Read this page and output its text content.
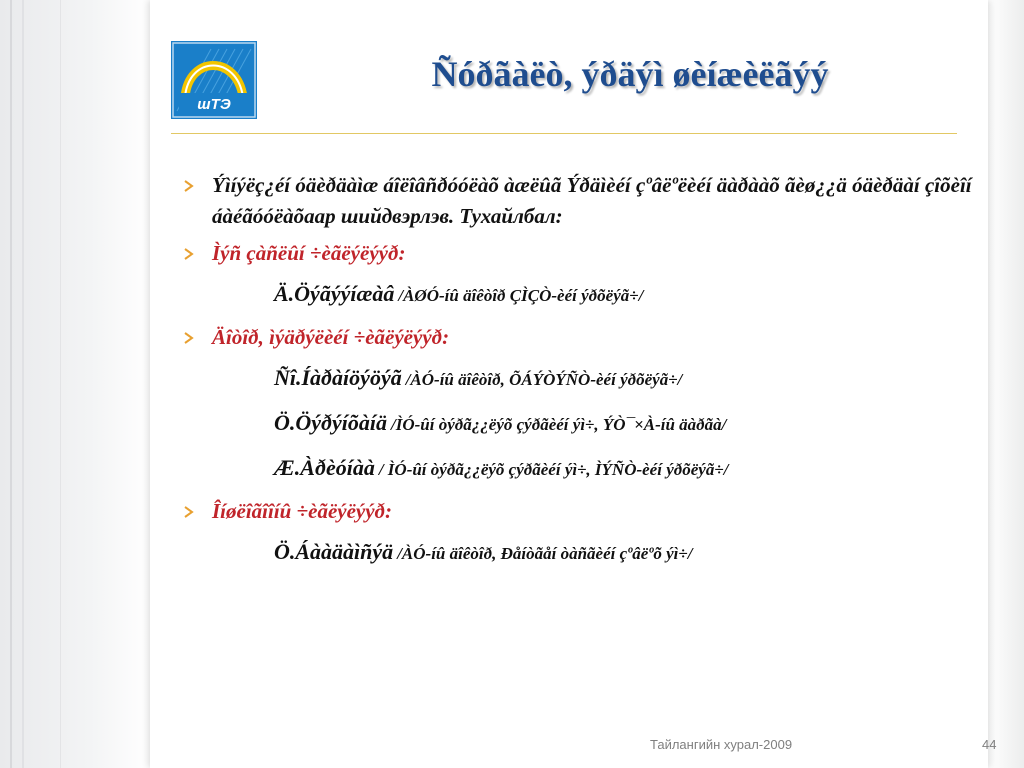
шТЭ
Ñóðãàëò, ýðäýì øèíæèëãýý
Ýìíýëç¿éí óäèðäàìæ áîëîâñðóóëàõ àæëûã Ýðäìèéí çºâëºëèéí äàðààõ ãèø¿¿ä óäèðäàí çîõèîí áàéãóóëàõаар шийдвэрлэв. Тухайлбал:
Ìýñ çàñëûí ÷èãëýëýýð:
Ä.Öýãýýíæàâ /ÀØÓ-íû äîêòîð ÇÌÇÒ-èéí ýðõëýã÷/
Äîòîð, ìýäðýëèéí ÷èãëýëýýð:
Ñî.Íàðàíöýöýã /ÀÓ-íû äîêòîð, ÕÁÝÒÝÑÒ-èéí ýðõëýã÷/
Ö.Öýðýíõàíä /ÌÓ-ûí òýðã¿¿ëýõ çýðãèéí ýì÷, ÝÒ¯×À-íû äàðãà/
Æ.Àðèóíàà / ÌÓ-ûí òýðã¿¿ëýõ çýðãèéí ýì÷, ÌÝÑÒ-èéí ýðõëýã÷/
Îíøëîãîîíû ÷èãëýëýýð:
Ö.Áààäàìñýä /ÀÓ-íû äîêòîð, Ðåíòãåí òàñãèéí çºâëºõ ýì÷/
Тайлангийн хурал-2009	44
